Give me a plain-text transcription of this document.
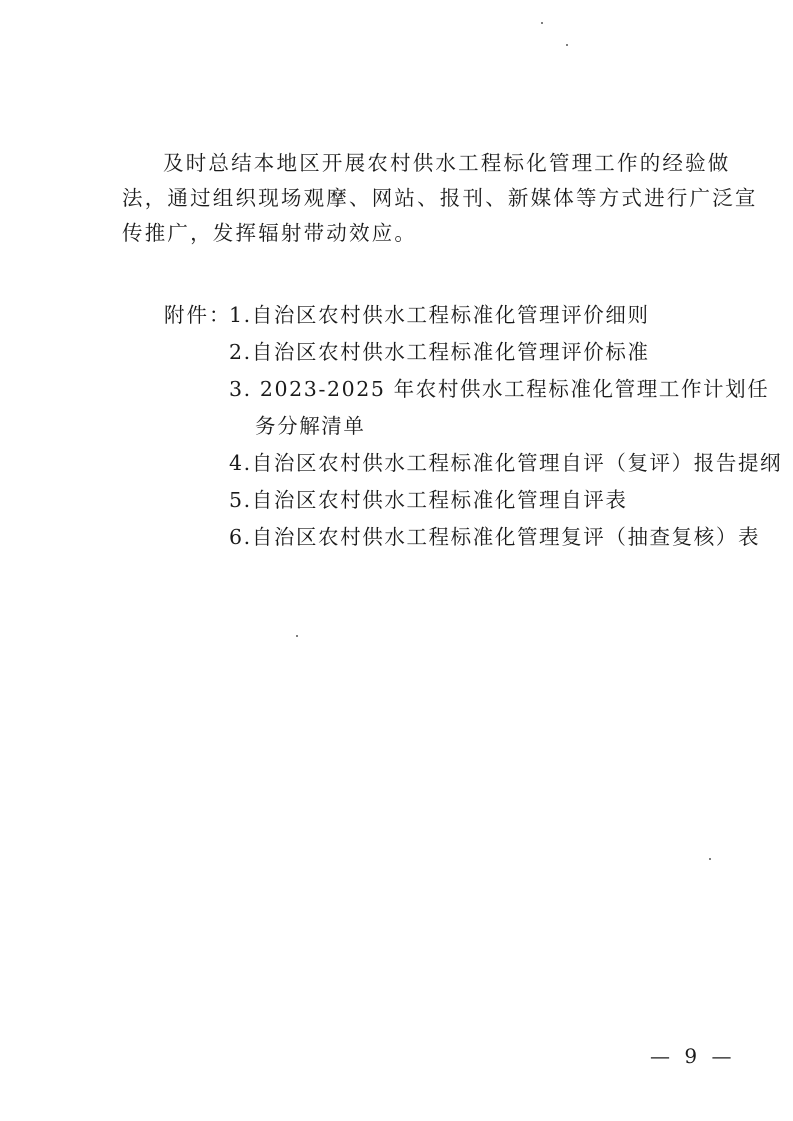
及时总结本地区开展农村供水工程标化管理工作的经验做
法，通过组织现场观摩、网站、报刊、新媒体等方式进行广泛宣
传推广，发挥辐射带动效应。
附件：
1.自治区农村供水工程标准化管理评价细则
2.自治区农村供水工程标准化管理评价标准
3. 2023-2025 年农村供水工程标准化管理工作计划任
务分解清单
4.自治区农村供水工程标准化管理自评（复评）报告提纲
5.自治区农村供水工程标准化管理自评表
6.自治区农村供水工程标准化管理复评（抽查复核）表
— 9 —
